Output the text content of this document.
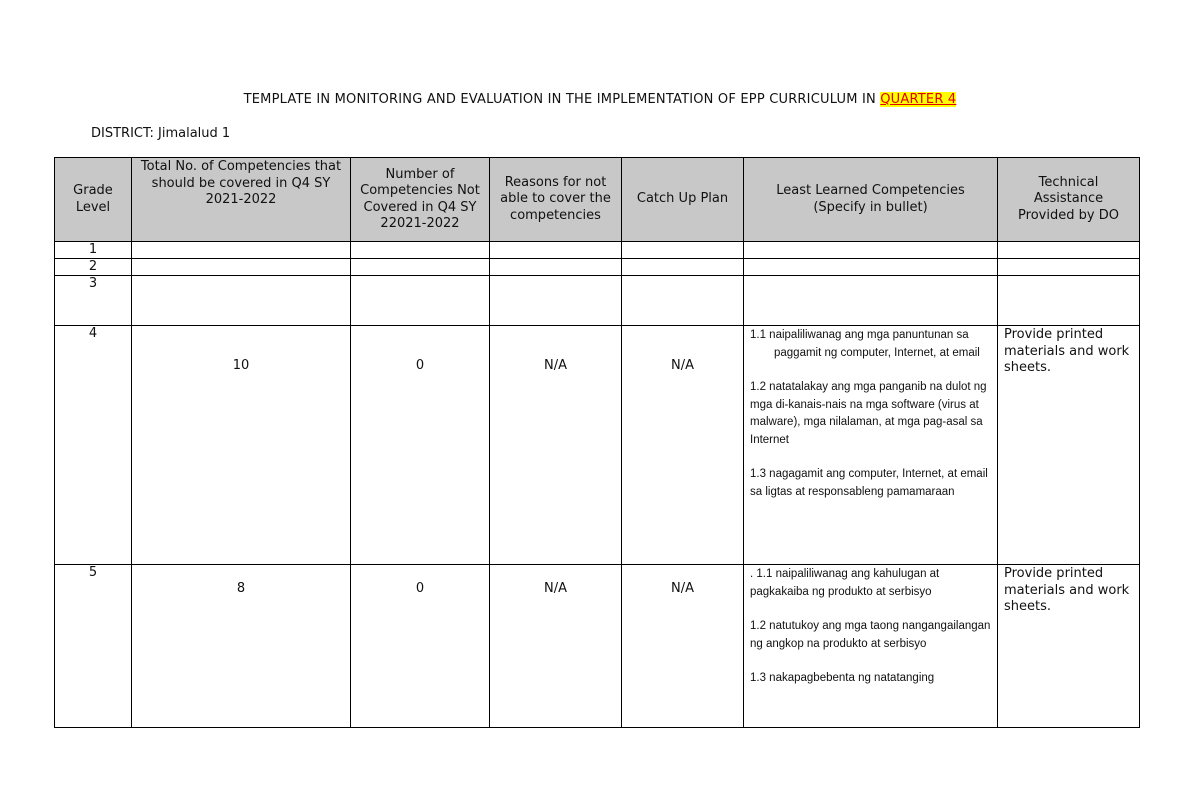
TEMPLATE IN MONITORING AND EVALUATION IN THE IMPLEMENTATION OF EPP CURRICULUM IN QUARTER 4
DISTRICT: Jimalalud 1
Grade Level	Total No. of Competencies that should be covered in Q4 SY 2021-2022	Number of Competencies Not Covered in Q4 SY 22021-2022	Reasons for not able to cover the competencies	Catch Up Plan	Least Learned Competencies (Specify in bullet)	Technical Assistance Provided by DO
1						
2						
3						
4	10	0	N/A	N/A	1.1 naipaliliwanag ang mga panuntunan sa paggamit ng computer, Internet, at email

1.2 natatalakay ang mga panganib na dulot ng mga di-kanais-nais na mga software (virus at malware), mga nilalaman, at mga pag-asal sa Internet

1.3 nagagamit ang computer, Internet, at email sa ligtas at responsableng pamamaraan	Provide printed materials and work sheets.
5	8	0	N/A	N/A	. 1.1 naipaliliwanag ang kahulugan at pagkakaiba ng produkto at serbisyo

1.2 natutukoy ang mga taong nangangailangan ng angkop na produkto at serbisyo

1.3 nakapagbebenta ng natatanging	Provide printed materials and work sheets.
